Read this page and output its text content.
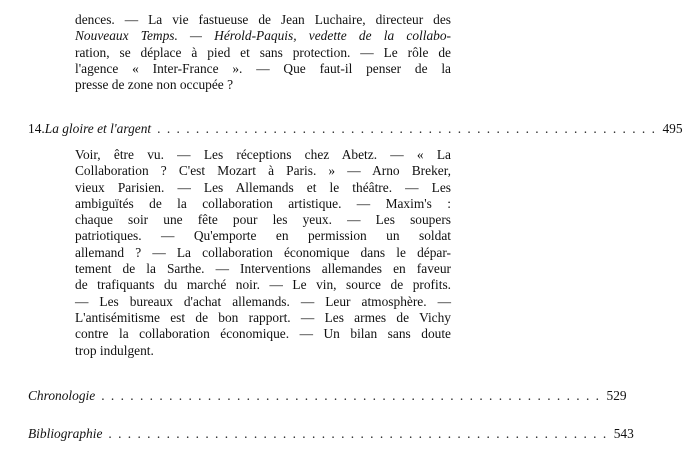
dences. — La vie fastueuse de Jean Luchaire, directeur des
Nouveaux Temps. — Hérold-Paquis, vedette de la collabo-
ration, se déplace à pied et sans protection. — Le rôle de
l'agence « Inter-France ». — Que faut-il penser de la
presse de zone non occupée ?
14. La gloire et l'argent . . . . . . . . . . . . . . . . . . . . . . . . . . . . . . . . . . . . . . . . . . . . . . . . . . . . 495
Voir, être vu. — Les réceptions chez Abetz. — « La
Collaboration ? C'est Mozart à Paris. » — Arno Breker,
vieux Parisien. — Les Allemands et le théâtre. — Les
ambiguïtés de la collaboration artistique. — Maxim's :
chaque soir une fête pour les yeux. — Les soupers
patriotiques. — Qu'emporte en permission un soldat
allemand ? — La collaboration économique dans le dépar-
tement de la Sarthe. — Interventions allemandes en faveur
de trafiquants du marché noir. — Le vin, source de profits.
— Les bureaux d'achat allemands. — Leur atmosphère. —
L'antisémitisme est de bon rapport. — Les armes de Vichy
contre la collaboration économique. — Un bilan sans doute
trop indulgent.
Chronologie . . . . . . . . . . . . . . . . . . . . . . . . . . . . . . . . . . . . . . . . . . . . . . . . . . . . 529
Bibliographie . . . . . . . . . . . . . . . . . . . . . . . . . . . . . . . . . . . . . . . . . . . . . . . . . . . . 543
